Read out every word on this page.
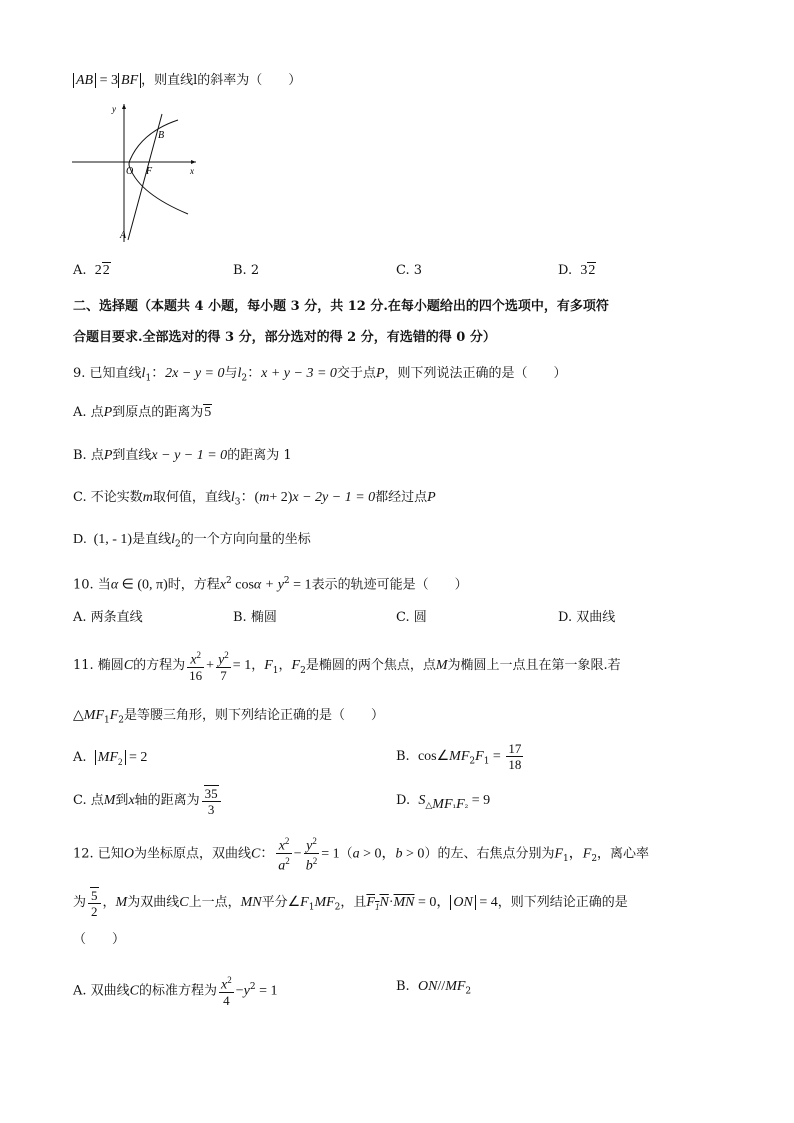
AB = 3 BF ，则直线l的斜率为（　　）
y
x
O F
A
B
A. 22	B. 2	C. 3	D. 32
二、选择题（本题共 4 小题，每小题 3 分，共 12 分.在每小题给出的四个选项中，有多项符
合题目要求.全部选对的得 3 分，部分选对的得 2 分，有选错的得 0 分）
9. 已知直线$l_1$：2x − y = 0与$l_2$：x + y − 3 = 0交于点P，则下列说法正确的是（　　）
A. 点P到原点的距离为5
B. 点P到直线x − y − 1 = 0的距离为 1
C. 不论实数m取何值，直线$l_3$：(m+ 2)x − 2y − 1 = 0都经过点P
D.  (1, - 1)是直线$l_2$的一个方向向量的坐标
10. 当α ∈ (0, π)时，方程$x^2$ $\cos\alpha + y^2 = 1$表示的轨迹可能是（　　）
A. 两条直线	B. 椭圆	C. 圆	D. 双曲线
11. 椭圆C的方程为 $\frac{x^2}{16} + \frac{y^2}{7} = 1$，$F_1$，$F_2$是椭圆的两个焦点，点M为椭圆上一点且在第一象限.若
$\triangle MF_1F_2$是等腰三角形，则下列结论正确的是（　　）
A. $MF_2 = 2$	B. $\cos\angle MF_2F_1 = \frac{17}{18}$
C. 点M到x轴的距离为 $\frac{35}{3}$	D. $S_{\triangle MF_1F_2} = 9$
12. 已知O为坐标原点，双曲线C： $\frac{x^2}{a^2} - \frac{y^2}{b^2} = 1(a > 0$，b > 0）的左、右焦点分别为$F_1$，$F_2$，离心率
为 $\frac{5}{2}$ ，M为双曲线C上一点，MN平分$\angle F_1MF_2$，且$F_1N\cdot\overline{MN} = 0$， ON = 4，则下列结论正确的是
（　　）
A. 双曲线C的标准方程为 $\frac{x^2}{4} -y^2 = 1$	B. $ON//MF_2$
